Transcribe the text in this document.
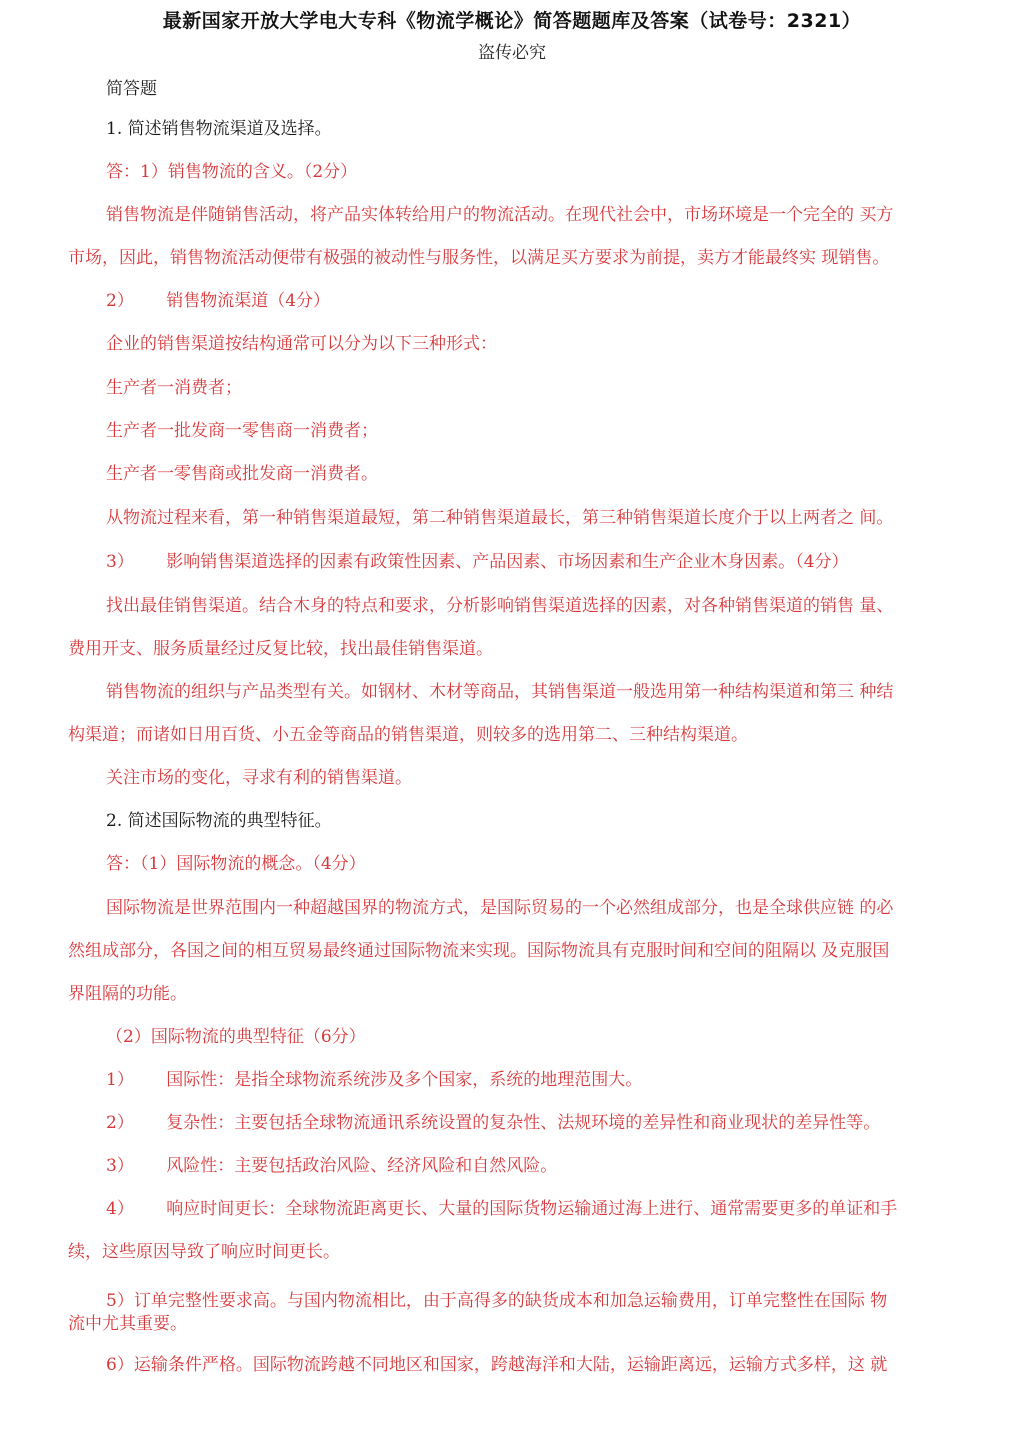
最新国家开放大学电大专科《物流学概论》简答题题库及答案（试卷号：2321）
盗传必究
简答题
1. 简述销售物流渠道及选择。
答：1）销售物流的含义。（2分）
销售物流是伴随销售活动，将产品实体转给用户的物流活动。在现代社会中，市场环境是一个完全的 买方
市场，因此，销售物流活动便带有极强的被动性与服务性，以满足买方要求为前提，卖方才能最终实 现销售。
2）      销售物流渠道（4分）
企业的销售渠道按结构通常可以分为以下三种形式：
生产者一消费者；
生产者一批发商一零售商一消费者；
生产者一零售商或批发商一消费者。
从物流过程来看，第一种销售渠道最短，第二种销售渠道最长，第三种销售渠道长度介于以上两者之 间。
3）      影响销售渠道选择的因素有政策性因素、产品因素、市场因素和生产企业木身因素。（4分）
找出最佳销售渠道。结合木身的特点和要求，分析影响销售渠道选择的因素，对各种销售渠道的销售 量、
费用开支、服务质量经过反复比较，找出最佳销售渠道。
销售物流的组织与产品类型有关。如钢材、木材等商品，其销售渠道一般选用第一种结构渠道和第三 种结
构渠道；而诸如日用百货、小五金等商品的销售渠道，则较多的选用第二、三种结构渠道。
关注市场的变化，寻求有利的销售渠道。
2. 简述国际物流的典型特征。
答：（1）国际物流的概念。（4分）
国际物流是世界范围内一种超越国界的物流方式，是国际贸易的一个必然组成部分，也是全球供应链 的必
然组成部分，各国之间的相互贸易最终通过国际物流来实现。国际物流具有克服时间和空间的阻隔以 及克服国
界阻隔的功能。
（2）国际物流的典型特征（6分）
1）      国际性：是指全球物流系统涉及多个国家，系统的地理范围大。
2）      复杂性：主要包括全球物流通讯系统设置的复杂性、法规环境的差异性和商业现状的差异性等。
3）      风险性：主要包括政治风险、经济风险和自然风险。
4）      响应时间更长：全球物流距离更长、大量的国际货物运输通过海上进行、通常需要更多的单证和手
续，这些原因导致了响应时间更长。
5）订单完整性要求高。与国内物流相比，由于高得多的缺货成本和加急运输费用，订单完整性在国际 物
流中尤其重要。
6）运输条件严格。国际物流跨越不同地区和国家，跨越海洋和大陆，运输距离远，运输方式多样，这 就
